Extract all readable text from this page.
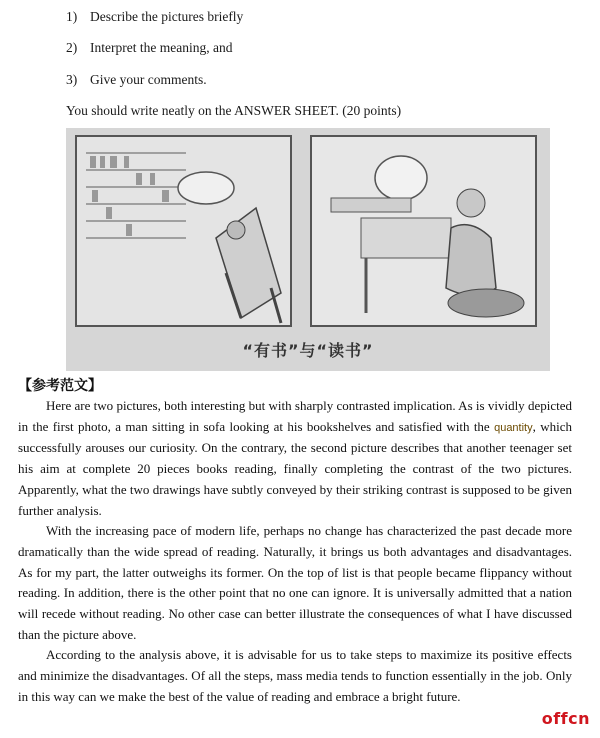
1) Describe the pictures briefly
2) Interpret the meaning, and
3) Give your comments.
You should write neatly on the ANSWER SHEET. (20 points)
“有书”与“读书”
【参考范文】

Here are two pictures, both interesting but with sharply contrasted implication. As is vividly depicted in the first photo, a man sitting in sofa looking at his bookshelves and satisfied with the quantity, which successfully arouses our curiosity. On the contrary, the second picture describes that another teenager set his aim at complete 20 pieces books reading, finally completing the contrast of the two pictures. Apparently, what the two drawings have subtly conveyed by their striking contrast is supposed to be given further analysis.

With the increasing pace of modern life, perhaps no change has characterized the past decade more dramatically than the wide spread of reading. Naturally, it brings us both advantages and disadvantages. As for my part, the latter outweighs its former. On the top of list is that people became flippancy without reading. In addition, there is the other point that no one can ignore. It is universally admitted that a nation will recede without reading. No other case can better illustrate the consequences of what I have discussed than the picture above.

According to the analysis above, it is advisable for us to take steps to maximize its positive effects and minimize the disadvantages. Of all the steps, mass media tends to function essentially in the job. Only in this way can we make the best of the value of reading and embrace a bright future.

offcn
